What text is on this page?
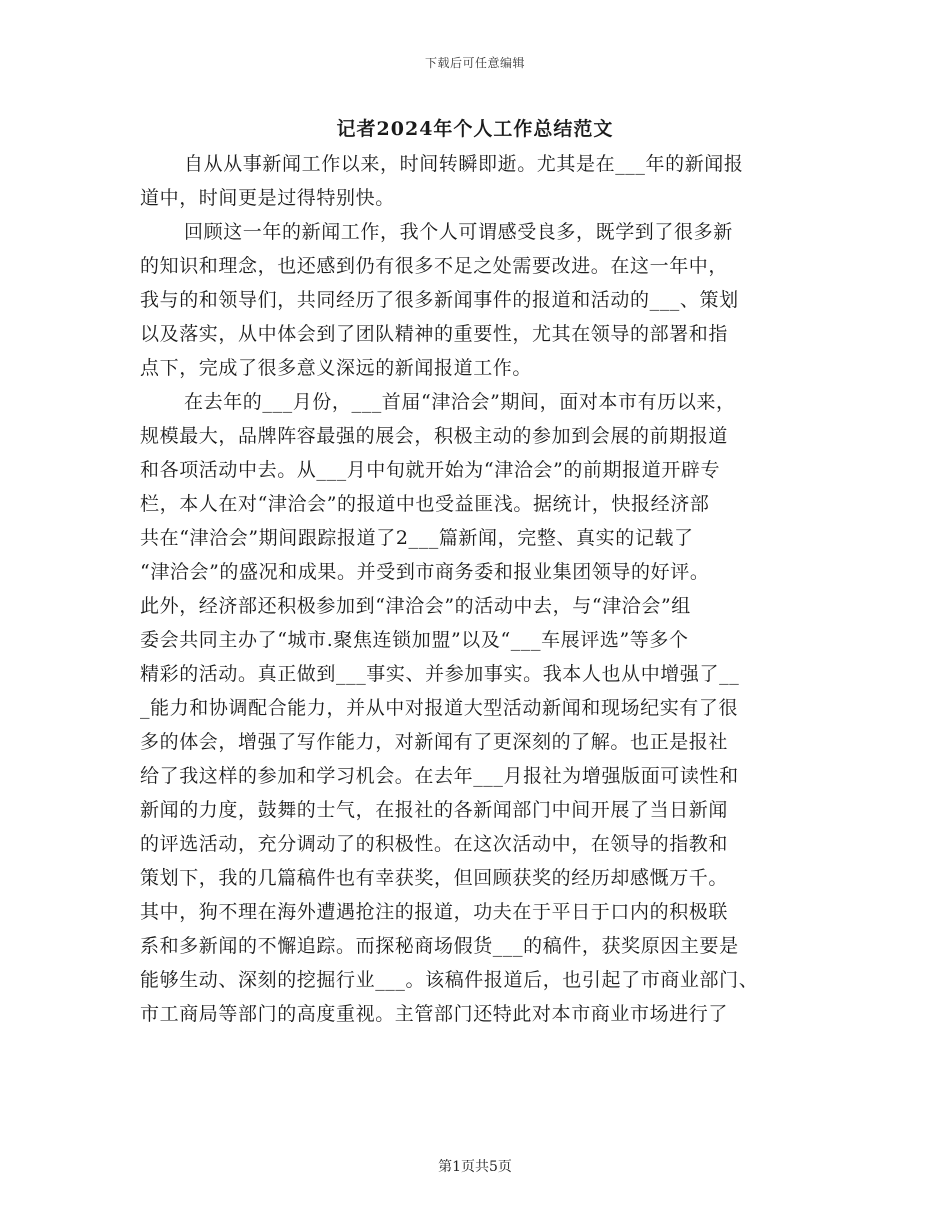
下载后可任意编辑
记者2024年个人工作总结范文
自从从事新闻工作以来，时间转瞬即逝。尤其是在___年的新闻报
道中，时间更是过得特别快。
回顾这一年的新闻工作，我个人可谓感受良多，既学到了很多新
的知识和理念，也还感到仍有很多不足之处需要改进。在这一年中，
我与的和领导们，共同经历了很多新闻事件的报道和活动的___、策划
以及落实，从中体会到了团队精神的重要性，尤其在领导的部署和指
点下，完成了很多意义深远的新闻报道工作。
在去年的___月份，___首届“津洽会”期间，面对本市有历以来，
规模最大，品牌阵容最强的展会，积极主动的参加到会展的前期报道
和各项活动中去。从___月中旬就开始为“津洽会”的前期报道开辟专
栏，本人在对“津洽会”的报道中也受益匪浅。据统计，快报经济部
共在“津洽会”期间跟踪报道了2___篇新闻，完整、真实的记载了
“津洽会”的盛况和成果。并受到市商务委和报业集团领导的好评。
此外，经济部还积极参加到“津洽会”的活动中去，与“津洽会”组
委会共同主办了“城市.聚焦连锁加盟”以及“___车展评选”等多个
精彩的活动。真正做到___事实、并参加事实。我本人也从中增强了__
_能力和协调配合能力，并从中对报道大型活动新闻和现场纪实有了很
多的体会，增强了写作能力，对新闻有了更深刻的了解。也正是报社
给了我这样的参加和学习机会。在去年___月报社为增强版面可读性和
新闻的力度，鼓舞的士气，在报社的各新闻部门中间开展了当日新闻
的评选活动，充分调动了的积极性。在这次活动中，在领导的指教和
策划下，我的几篇稿件也有幸获奖，但回顾获奖的经历却感慨万千。
其中，狗不理在海外遭遇抢注的报道，功夫在于平日于口内的积极联
系和多新闻的不懈追踪。而探秘商场假货___的稿件，获奖原因主要是
能够生动、深刻的挖掘行业___。该稿件报道后，也引起了市商业部门、
市工商局等部门的高度重视。主管部门还特此对本市商业市场进行了
第1页共5页
